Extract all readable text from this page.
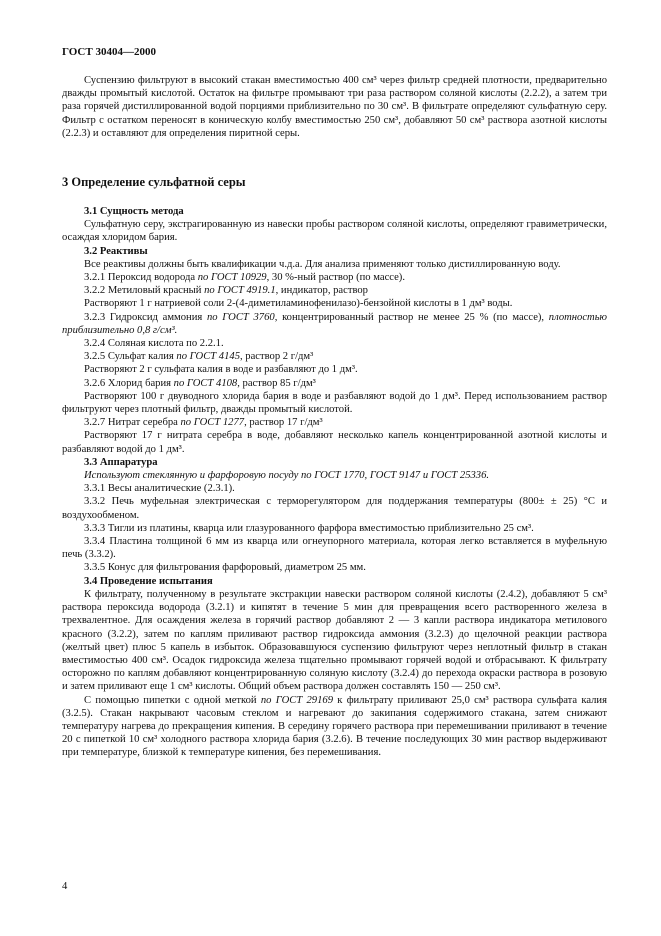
ГОСТ 30404—2000

Суспензию фильтруют в высокий стакан вместимостью 400 см³ через фильтр средней плотности, предварительно дважды промытый кислотой. Остаток на фильтре промывают три раза раствором соляной кислоты (2.2.2), а затем три раза горячей дистиллированной водой порциями приблизительно по 30 см³. В фильтрате определяют сульфатную серу. Фильтр с остатком переносят в коническую колбу вместимостью 250 см³, добавляют 50 см³ раствора азотной кислоты (2.2.3) и оставляют для определения пиритной серы.

3 Определение сульфатной серы

3.1 Сущность метода

Сульфатную серу, экстрагированную из навески пробы раствором соляной кислоты, определяют гравиметрически, осаждая хлоридом бария.

3.2 Реактивы

Все реактивы должны быть квалификации ч.д.а. Для анализа применяют только дистиллированную воду.

3.2.1 Пероксид водорода по ГОСТ 10929, 30 %-ный раствор (по массе).

3.2.2 Метиловый красный по ГОСТ 4919.1, индикатор, раствор

Растворяют 1 г натриевой соли 2-(4-диметиламинофенилазо)-бензойной кислоты в 1 дм³ воды.

3.2.3 Гидроксид аммония по ГОСТ 3760, концентрированный раствор не менее 25 % (по массе), плотностью приблизительно 0,8 г/см³.

3.2.4 Соляная кислота по 2.2.1.

3.2.5 Сульфат калия по ГОСТ 4145, раствор 2 г/дм³

Растворяют 2 г сульфата калия в воде и разбавляют до 1 дм³.

3.2.6 Хлорид бария по ГОСТ 4108, раствор 85 г/дм³

Растворяют 100 г двуводного хлорида бария в воде и разбавляют водой до 1 дм³. Перед использованием раствор фильтруют через плотный фильтр, дважды промытый кислотой.

3.2.7 Нитрат серебра по ГОСТ 1277, раствор 17 г/дм³

Растворяют 17 г нитрата серебра в воде, добавляют несколько капель концентрированной азотной кислоты и разбавляют водой до 1 дм³.

3.3 Аппаратура

Используют стеклянную и фарфоровую посуду по ГОСТ 1770, ГОСТ 9147 и ГОСТ 25336.

3.3.1 Весы аналитические (2.3.1).

3.3.2 Печь муфельная электрическая с терморегулятором для поддержания температуры (800± ± 25) °С и воздухообменом.

3.3.3 Тигли из платины, кварца или глазурованного фарфора вместимостью приблизительно 25 см³.

3.3.4 Пластина толщиной 6 мм из кварца или огнеупорного материала, которая легко вставляется в муфельную печь (3.3.2).

3.3.5 Конус для фильтрования фарфоровый, диаметром 25 мм.

3.4 Проведение испытания

К фильтрату, полученному в результате экстракции навески раствором соляной кислоты (2.4.2), добавляют 5 см³ раствора пероксида водорода (3.2.1) и кипятят в течение 5 мин для превращения всего растворенного железа в трехвалентное. Для осаждения железа в горячий раствор добавляют 2 — 3 капли раствора индикатора метилового красного (3.2.2), затем по каплям приливают раствор гидроксида аммония (3.2.3) до щелочной реакции раствора (желтый цвет) плюс 5 капель в избыток. Образовавшуюся суспензию фильтруют через неплотный фильтр в стакан вместимостью 400 см³. Осадок гидроксида железа тщательно промывают горячей водой и отбрасывают. К фильтрату осторожно по каплям добавляют концентрированную соляную кислоту (3.2.4) до перехода окраски раствора в розовую и затем приливают еще 1 см³ кислоты. Общий объем раствора должен составлять 150 — 250 см³.

С помощью пипетки с одной меткой по ГОСТ 29169 к фильтрату приливают 25,0 см³ раствора сульфата калия (3.2.5). Стакан накрывают часовым стеклом и нагревают до закипания содержимого стакана, затем снижают температуру нагрева до прекращения кипения. В середину горячего раствора при перемешивании приливают в течение 20 с пипеткой 10 см³ холодного раствора хлорида бария (3.2.6). В течение последующих 30 мин раствор выдерживают при температуре, близкой к температуре кипения, без перемешивания.

4
